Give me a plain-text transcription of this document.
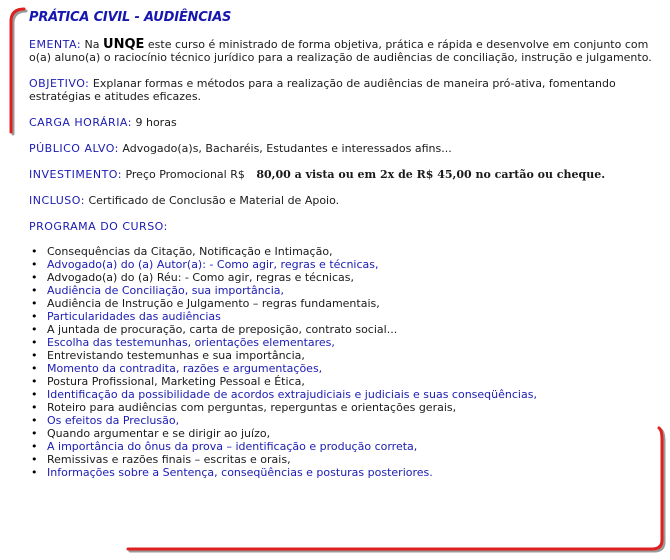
PRÁTICA CIVIL - AUDIÊNCIAS
EMENTA: Na UNQE este curso é ministrado de forma objetiva, prática e rápida e desenvolve em conjunto com o(a) aluno(a) o raciocínio técnico jurídico para a realização de audiências de conciliação, instrução e julgamento.
OBJETIVO: Explanar formas e métodos para a realização de audiências de maneira pró-ativa, fomentando estratégias e atitudes eficazes.
CARGA HORÁRIA: 9 horas
PÚBLICO ALVO: Advogado(a)s, Bacharéis, Estudantes e interessados afins...
INVESTIMENTO: Preço Promocional R$ 80,00 a vista ou em 2x de R$ 45,00 no cartão ou cheque.
INCLUSO: Certificado de Conclusão e Material de Apoio.
PROGRAMA DO CURSO:
• Consequências da Citação, Notificação e Intimação,
• Advogado(a) do (a) Autor(a): - Como agir, regras e técnicas,
• Advogado(a) do (a) Réu: - Como agir, regras e técnicas,
• Audiência de Conciliação, sua importância,
• Audiência de Instrução e Julgamento – regras fundamentais,
• Particularidades das audiências
• A juntada de procuração, carta de preposição, contrato social...
• Escolha das testemunhas, orientações elementares,
• Entrevistando testemunhas e sua importância,
• Momento da contradita, razões e argumentações,
• Postura Profissional, Marketing Pessoal e Ética,
• Identificação da possibilidade de acordos extrajudiciais e judiciais e suas conseqüências,
• Roteiro para audiências com perguntas, reperguntas e orientações gerais,
• Os efeitos da Preclusão,
• Quando argumentar e se dirigir ao juízo,
• A importância do ônus da prova – identificação e produção correta,
• Remissivas e razões finais – escritas e orais,
• Informações sobre a Sentença, conseqüências e posturas posteriores.
